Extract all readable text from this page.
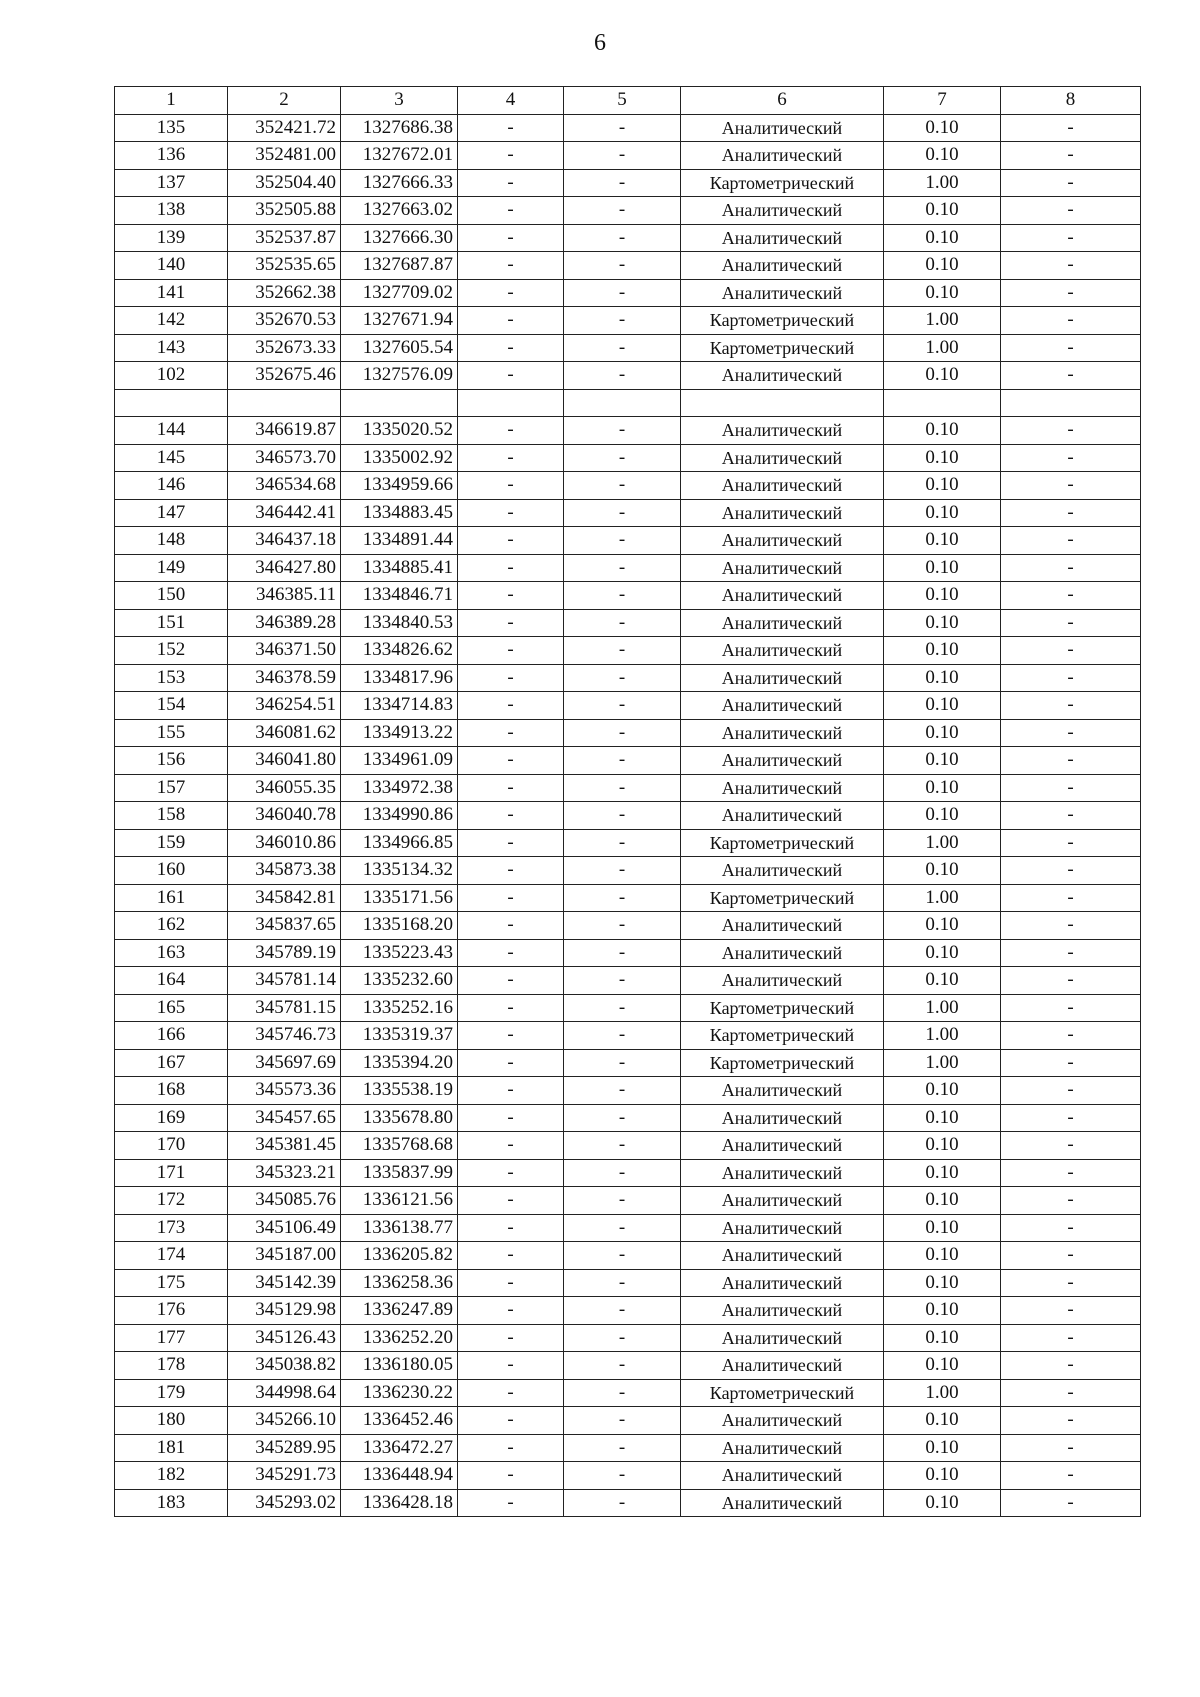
6
1	2	3	4	5	6	7	8
135	352421.72	1327686.38	-	-	Аналитический	0.10	-
136	352481.00	1327672.01	-	-	Аналитический	0.10	-
137	352504.40	1327666.33	-	-	Картометрический	1.00	-
138	352505.88	1327663.02	-	-	Аналитический	0.10	-
139	352537.87	1327666.30	-	-	Аналитический	0.10	-
140	352535.65	1327687.87	-	-	Аналитический	0.10	-
141	352662.38	1327709.02	-	-	Аналитический	0.10	-
142	352670.53	1327671.94	-	-	Картометрический	1.00	-
143	352673.33	1327605.54	-	-	Картометрический	1.00	-
102	352675.46	1327576.09	-	-	Аналитический	0.10	-

144	346619.87	1335020.52	-	-	Аналитический	0.10	-
145	346573.70	1335002.92	-	-	Аналитический	0.10	-
146	346534.68	1334959.66	-	-	Аналитический	0.10	-
147	346442.41	1334883.45	-	-	Аналитический	0.10	-
148	346437.18	1334891.44	-	-	Аналитический	0.10	-
149	346427.80	1334885.41	-	-	Аналитический	0.10	-
150	346385.11	1334846.71	-	-	Аналитический	0.10	-
151	346389.28	1334840.53	-	-	Аналитический	0.10	-
152	346371.50	1334826.62	-	-	Аналитический	0.10	-
153	346378.59	1334817.96	-	-	Аналитический	0.10	-
154	346254.51	1334714.83	-	-	Аналитический	0.10	-
155	346081.62	1334913.22	-	-	Аналитический	0.10	-
156	346041.80	1334961.09	-	-	Аналитический	0.10	-
157	346055.35	1334972.38	-	-	Аналитический	0.10	-
158	346040.78	1334990.86	-	-	Аналитический	0.10	-
159	346010.86	1334966.85	-	-	Картометрический	1.00	-
160	345873.38	1335134.32	-	-	Аналитический	0.10	-
161	345842.81	1335171.56	-	-	Картометрический	1.00	-
162	345837.65	1335168.20	-	-	Аналитический	0.10	-
163	345789.19	1335223.43	-	-	Аналитический	0.10	-
164	345781.14	1335232.60	-	-	Аналитический	0.10	-
165	345781.15	1335252.16	-	-	Картометрический	1.00	-
166	345746.73	1335319.37	-	-	Картометрический	1.00	-
167	345697.69	1335394.20	-	-	Картометрический	1.00	-
168	345573.36	1335538.19	-	-	Аналитический	0.10	-
169	345457.65	1335678.80	-	-	Аналитический	0.10	-
170	345381.45	1335768.68	-	-	Аналитический	0.10	-
171	345323.21	1335837.99	-	-	Аналитический	0.10	-
172	345085.76	1336121.56	-	-	Аналитический	0.10	-
173	345106.49	1336138.77	-	-	Аналитический	0.10	-
174	345187.00	1336205.82	-	-	Аналитический	0.10	-
175	345142.39	1336258.36	-	-	Аналитический	0.10	-
176	345129.98	1336247.89	-	-	Аналитический	0.10	-
177	345126.43	1336252.20	-	-	Аналитический	0.10	-
178	345038.82	1336180.05	-	-	Аналитический	0.10	-
179	344998.64	1336230.22	-	-	Картометрический	1.00	-
180	345266.10	1336452.46	-	-	Аналитический	0.10	-
181	345289.95	1336472.27	-	-	Аналитический	0.10	-
182	345291.73	1336448.94	-	-	Аналитический	0.10	-
183	345293.02	1336428.18	-	-	Аналитический	0.10	-
